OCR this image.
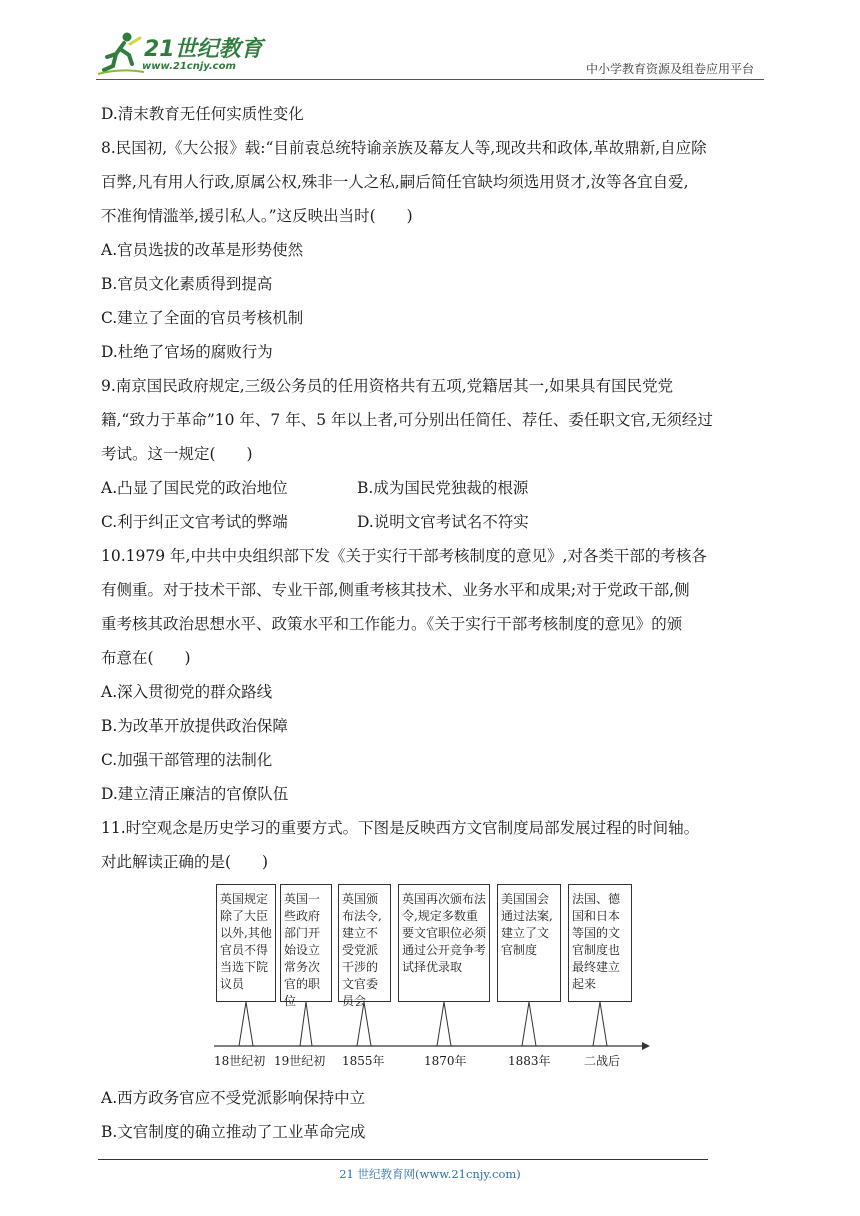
21世纪教育
www.21cnjy.com	中小学教育资源及组卷应用平台
D.清末教育无任何实质性变化
8.民国初,《大公报》载:“目前袁总统特谕亲族及幕友人等,现改共和政体,革故鼎新,自应除
百弊,凡有用人行政,原属公权,殊非一人之私,嗣后简任官缺均须选用贤才,汝等各宜自爱,
不准徇情滥举,援引私人。”这反映出当时(　　)
A.官员选拔的改革是形势使然
B.官员文化素质得到提高
C.建立了全面的官员考核机制
D.杜绝了官场的腐败行为
9.南京国民政府规定,三级公务员的任用资格共有五项,党籍居其一,如果具有国民党党
籍,“致力于革命”10 年、7 年、5 年以上者,可分别出任简任、荐任、委任职文官,无须经过
考试。这一规定(　　)
A.凸显了国民党的政治地位	B.成为国民党独裁的根源
C.利于纠正文官考试的弊端	D.说明文官考试名不符实
10.1979 年,中共中央组织部下发《关于实行干部考核制度的意见》,对各类干部的考核各
有侧重。对于技术干部、专业干部,侧重考核其技术、业务水平和成果;对于党政干部,侧
重考核其政治思想水平、政策水平和工作能力。《关于实行干部考核制度的意见》的颁
布意在(　　)
A.深入贯彻党的群众路线
B.为改革开放提供政治保障
C.加强干部管理的法制化
D.建立清正廉洁的官僚队伍
11.时空观念是历史学习的重要方式。下图是反映西方文官制度局部发展过程的时间轴。
对此解读正确的是(　　)
A.西方政务官应不受党派影响保持中立
B.文官制度的确立推动了工业革命完成
英国规定除了大臣以外,其他官员不得当选下院议员
英国一些政府部门开始设立常务次官的职位
英国颁布法令,建立不受党派干涉的文官委员会
英国再次颁布法令,规定多数重要文官职位必须通过公开竞争考试择优录取
美国国会通过法案,建立了文官制度
法国、德国和日本等国的文官制度也最终建立起来
18世纪初 19世纪初 1855年	1870年	1883年	二战后
21 世纪教育网(www.21cnjy.com)
